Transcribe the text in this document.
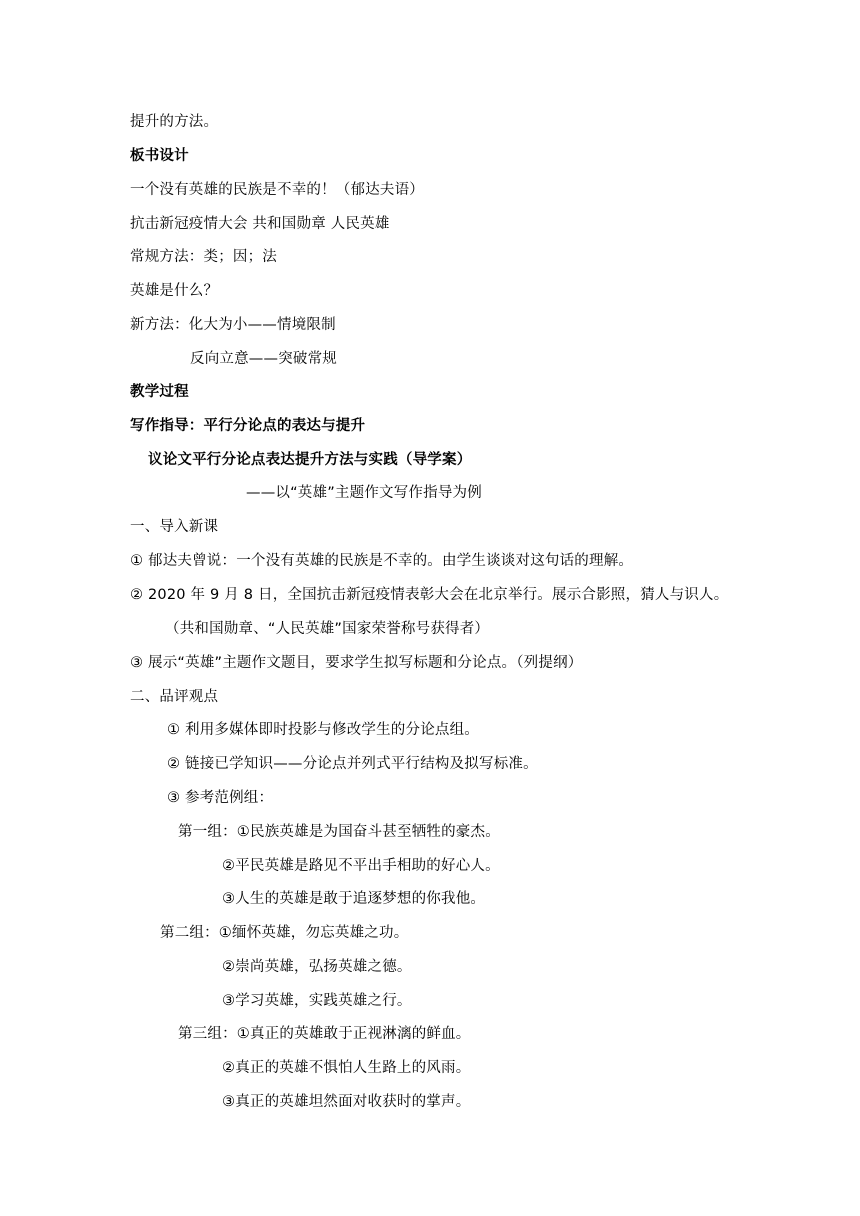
提升的方法。
板书设计
一个没有英雄的民族是不幸的！（郁达夫语）
抗击新冠疫情大会 共和国勋章 人民英雄
常规方法：类；因；法
英雄是什么？
新方法：化大为小——情境限制
反向立意——突破常规
教学过程
写作指导：平行分论点的表达与提升
议论文平行分论点表达提升方法与实践（导学案）
——以“英雄”主题作文写作指导为例
一、导入新课
① 郁达夫曾说：一个没有英雄的民族是不幸的。由学生谈谈对这句话的理解。
② 2020 年 9 月 8 日，全国抗击新冠疫情表彰大会在北京举行。展示合影照，猜人与识人。
（共和国勋章、“人民英雄”国家荣誉称号获得者）
③ 展示“英雄”主题作文题目，要求学生拟写标题和分论点。（列提纲）
二、品评观点
① 利用多媒体即时投影与修改学生的分论点组。
② 链接已学知识——分论点并列式平行结构及拟写标准。
③ 参考范例组：
第一组：①民族英雄是为国奋斗甚至牺牲的豪杰。
②平民英雄是路见不平出手相助的好心人。
③人生的英雄是敢于追逐梦想的你我他。
第二组：①缅怀英雄，勿忘英雄之功。
②崇尚英雄，弘扬英雄之德。
③学习英雄，实践英雄之行。
第三组：①真正的英雄敢于正视淋漓的鲜血。
②真正的英雄不惧怕人生路上的风雨。
③真正的英雄坦然面对收获时的掌声。
